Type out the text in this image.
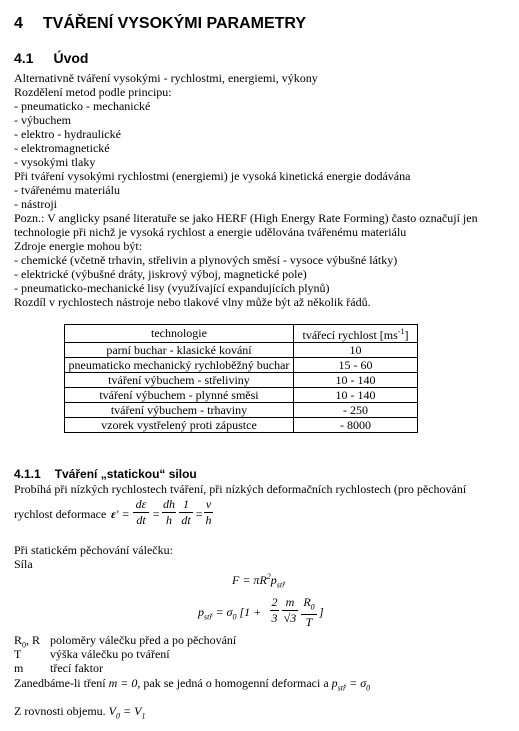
4 TVÁŘENÍ VYSOKÝMI PARAMETRY
4.1 Úvod
Alternativně tváření vysokými - rychlostmi, energiemi, výkony
Rozdělení metod podle principu:
- pneumaticko - mechanické
- výbuchem
- elektro - hydraulické
- elektromagnetické
- vysokými tlaky
Při tváření vysokými rychlostmi (energiemi) je vysoká kinetická energie dodávána
- tvářenému materiálu
- nástroji
Pozn.: V anglicky psané literatuře se jako HERF (High Energy Rate Forming) často označují jen
technologie při nichž je vysoká rychlost a energie udělována tvářenému materiálu
Zdroje energie mohou být:
- chemické (včetně trhavin, střelivin a plynových směsí - vysoce výbušné látky)
- elektrické (výbušné dráty, jiskrový výboj, magnetické pole)
- pneumaticko-mechanické lisy (využívající expandujících plynů)
Rozdíl v rychlostech nástroje nebo tlakové vlny může být až několik řádů.
technologie	tvářecí rychlost $[ms^{-1}]$
parní buchar - klasické kování	10
pneumaticko mechanický rychloběžný buchar	15 - 60
tváření výbuchem - střeliviny	10 - 140
tváření výbuchem - plynné směsi	10 - 140
tváření výbuchem - trhaviny	- 250
vzorek vystřelený proti zápustce	- 8000
4.1.1 Tváření „statickou“ silou
Probíhá při nízkých rychlostech tváření, při nízkých deformačních rychlostech (pro pěchování
rychlost deformace ε' =
dε
dt =
dh
h
1
dt =
v
h
Při statickém pěchování válečku:
Síla
$F = \pi R^2p_{stř}$
$p_{stř} = \sigma_0$ [1 +
2
3
m
√3
$R_0$
T
]
$R_0$, R poloměry válečku před a po pěchování
T výška válečku po tváření
m třecí faktor
Zanedbáme-li tření m = 0, pak se jedná o homogenní deformaci a $p_{stř} = \sigma_0$
Z rovnosti objemu. $V_0 = V_1$
